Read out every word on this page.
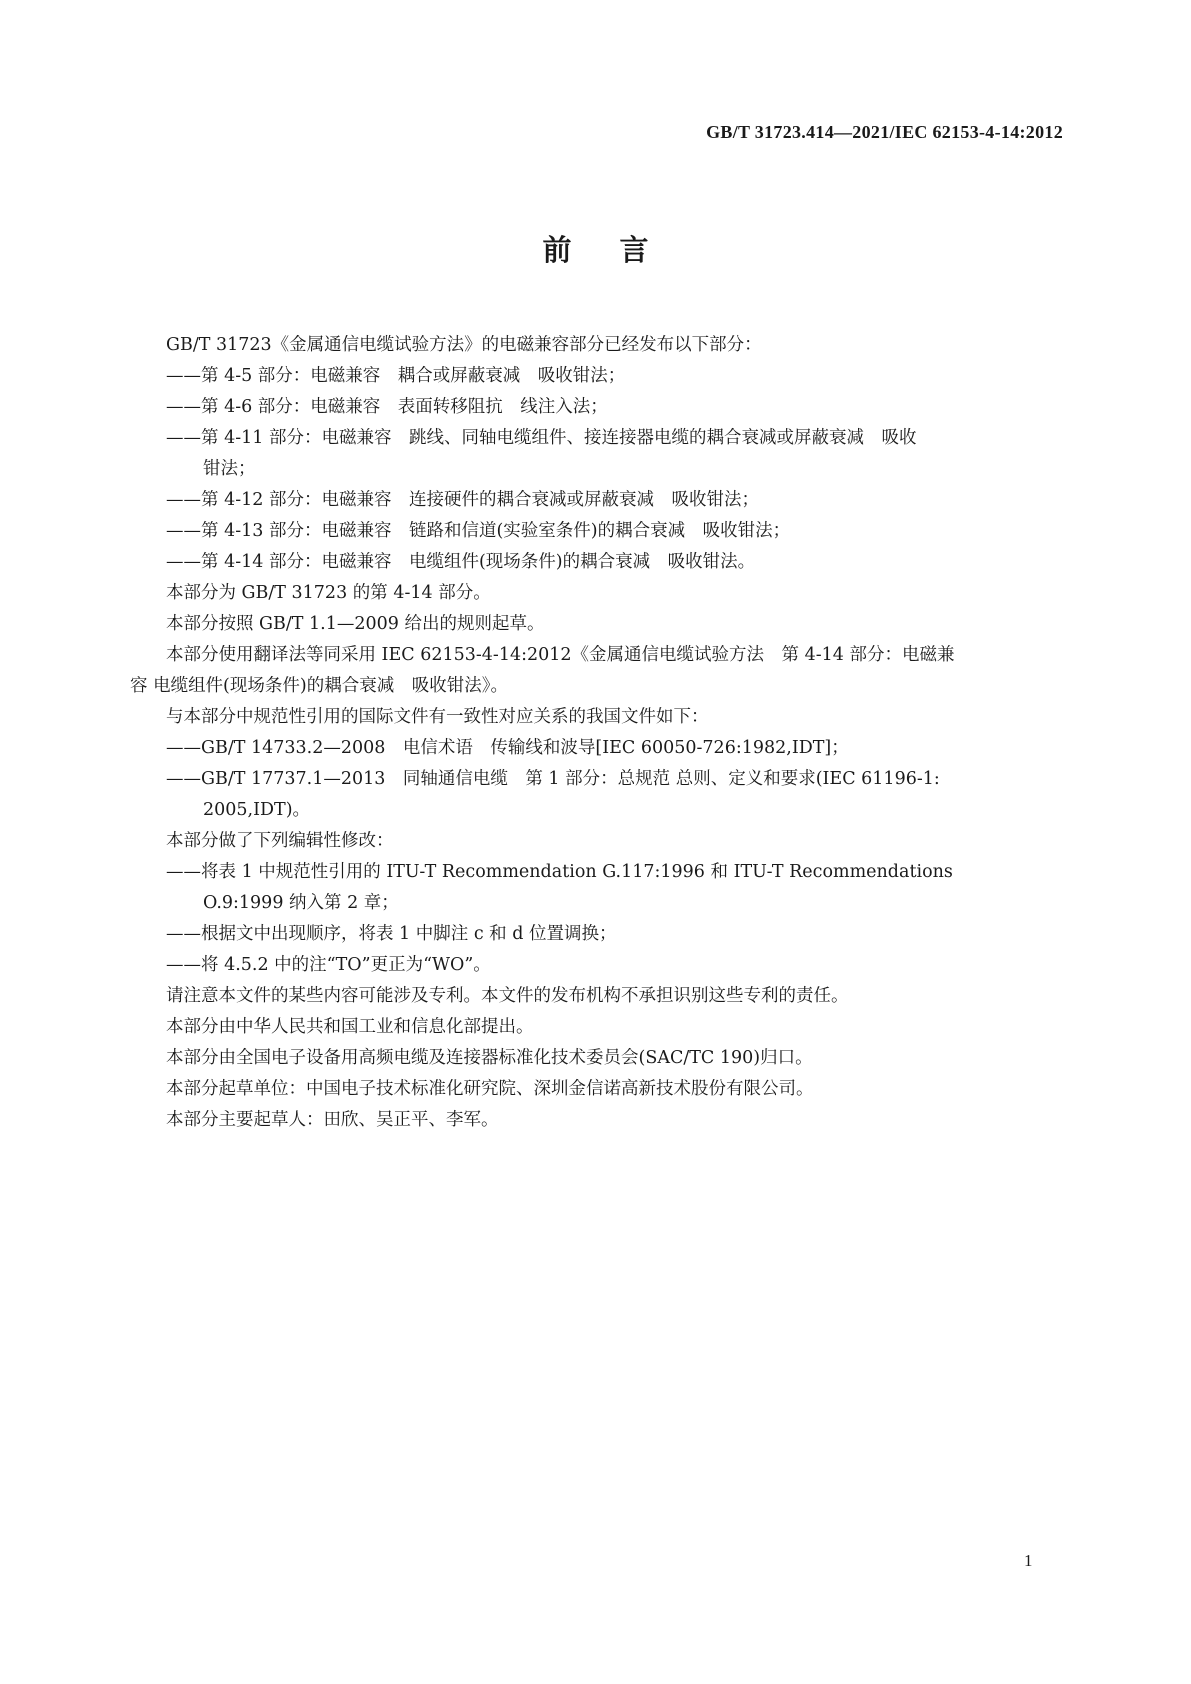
GB/T 31723.414—2021/IEC 62153-4-14:2012
前言
GB/T 31723《金属通信电缆试验方法》的电磁兼容部分已经发布以下部分：
——第 4-5 部分：电磁兼容　耦合或屏蔽衰减　吸收钳法；
——第 4-6 部分：电磁兼容　表面转移阻抗　线注入法；
——第 4-11 部分：电磁兼容　跳线、同轴电缆组件、接连接器电缆的耦合衰减或屏蔽衰减　吸收
钳法；
——第 4-12 部分：电磁兼容　连接硬件的耦合衰减或屏蔽衰减　吸收钳法；
——第 4-13 部分：电磁兼容　链路和信道(实验室条件)的耦合衰减　吸收钳法；
——第 4-14 部分：电磁兼容　电缆组件(现场条件)的耦合衰减　吸收钳法。
本部分为 GB/T 31723 的第 4-14 部分。
本部分按照 GB/T 1.1—2009 给出的规则起草。
本部分使用翻译法等同采用 IEC 62153-4-14:2012《金属通信电缆试验方法　第 4-14 部分：电磁兼
容 电缆组件(现场条件)的耦合衰减　吸收钳法》。
与本部分中规范性引用的国际文件有一致性对应关系的我国文件如下：
——GB/T 14733.2—2008　电信术语　传输线和波导[IEC 60050-726:1982,IDT]；
——GB/T 17737.1—2013　同轴通信电缆　第 1 部分：总规范 总则、定义和要求(IEC 61196-1:
2005,IDT)。
本部分做了下列编辑性修改：
——将表 1 中规范性引用的 ITU-T Recommendation G.117:1996 和 ITU-T Recommendations
O.9:1999 纳入第 2 章；
——根据文中出现顺序，将表 1 中脚注 c 和 d 位置调换；
——将 4.5.2 中的注“TO”更正为“WO”。
请注意本文件的某些内容可能涉及专利。本文件的发布机构不承担识别这些专利的责任。
本部分由中华人民共和国工业和信息化部提出。
本部分由全国电子设备用高频电缆及连接器标准化技术委员会(SAC/TC 190)归口。
本部分起草单位：中国电子技术标准化研究院、深圳金信诺高新技术股份有限公司。
本部分主要起草人：田欣、吴正平、李军。
1
